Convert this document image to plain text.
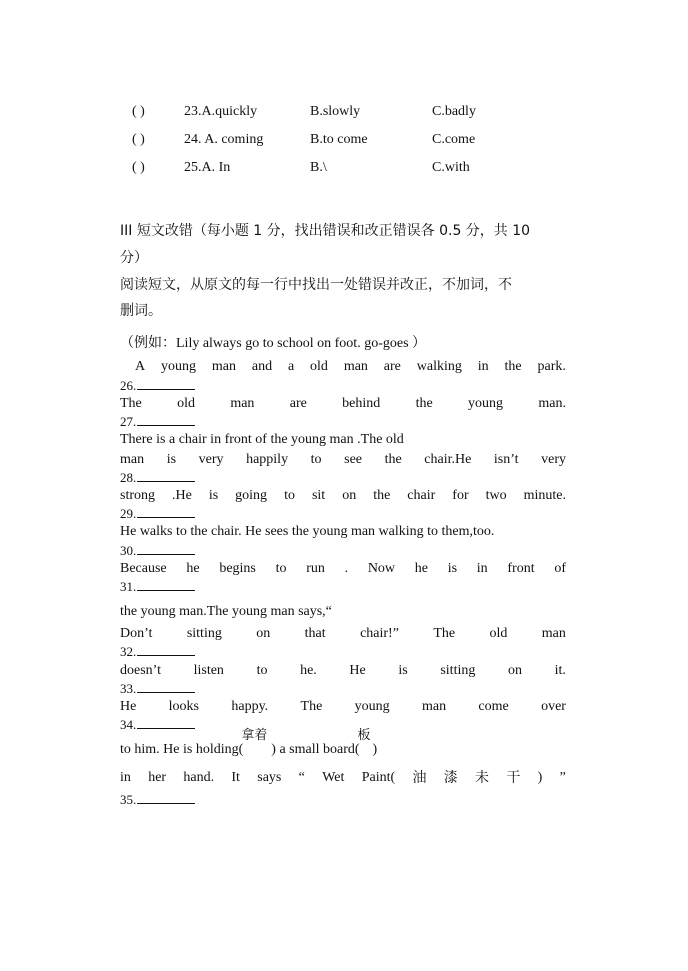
( )	23.A.quickly	B.slowly	C.badly
( )	24. A. coming	B.to come	C.come
( )	25.A. In	B.\	C.with
III 短文改错（每小题 1 分，找出错误和改正错误各 0.5 分，共 10
分）
阅读短文，从原文的每一行中找出一处错误并改正，不加词，不
删词。
（例如：Lily always go to school on foot. go-goes ）
A young man and a old man are walking in the park.
26.
The	old	man	are	behind	the	young	man.
27.
There is a chair in front of the young man .The old
man is very happily to see the chair.He isn’t very
28.
strong .He is going to sit on the chair for two minute.
29.
He walks to the chair. He sees the young man walking to them,too.
30.
Because he begins to run . Now he is in front of
31.
the young man.The young man says,“
Don’t sitting on that chair!” The old man
32.
doesn’t listen to he. He is sitting on it.
33.
He looks happy. The young man come over
34.
to him. He is holding(
拿着
) a small board(
板
)
in her hand. It says “ Wet Paint( 油 漆 未 干 ) ”
35.
